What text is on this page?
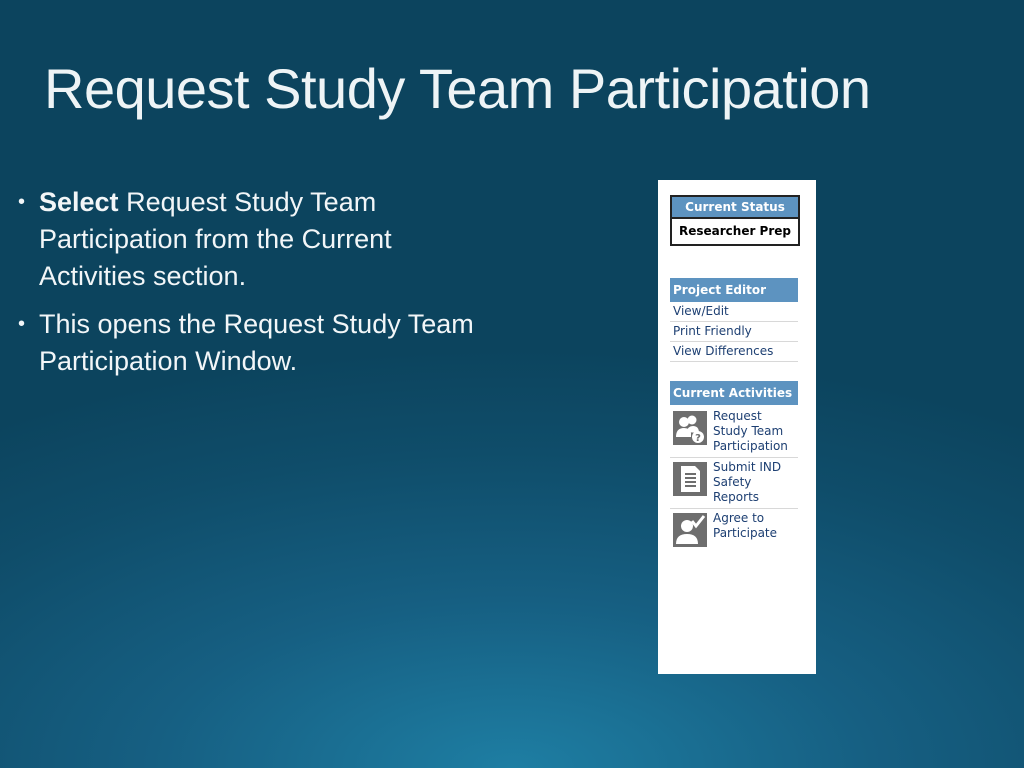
Request Study Team Participation
• Select Request Study Team Participation from the Current Activities section.
• This opens the Request Study Team Participation Window.
Current Status
Researcher Prep
Project Editor
View/Edit
Print Friendly
View Differences
Current Activities
?
Request Study Team Participation
Submit IND Safety Reports
Agree to Participate
